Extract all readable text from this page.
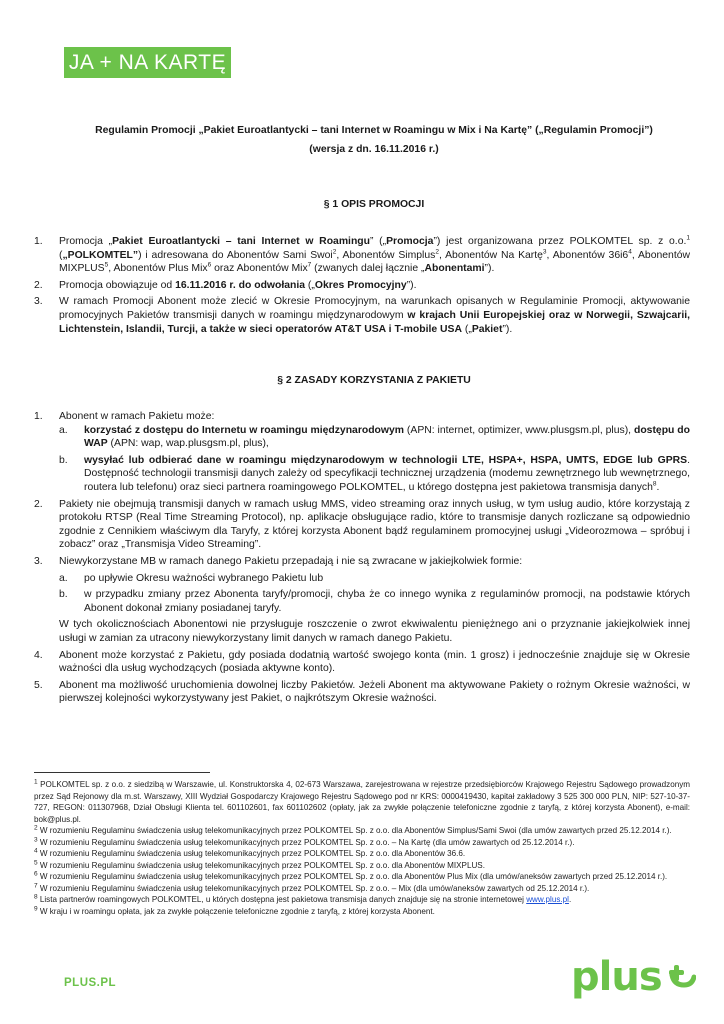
JA + NA KARTĘ
Regulamin Promocji „Pakiet Euroatlantycki – tani Internet w Roamingu w Mix i Na Kartę” („Regulamin Promocji”)
(wersja z dn. 16.11.2016 r.)
§ 1 OPIS PROMOCJI
1. Promocja „Pakiet Euroatlantycki – tani Internet w Roamingu” („Promocja”) jest organizowana przez POLKOMTEL sp. z o.o.$^1$ („POLKOMTEL”) i adresowana do Abonentów Sami Swoi$^2$, Abonentów Simplus$^2$, Abonentów Na Kartę$^3$, Abonentów $36i6^4$, Abonentów MIXPLUS$^5$, Abonentów Plus Mix$^6$ oraz Abonentów Mix$^7$ (zwanych dalej łącznie „Abonentami”).
2. Promocja obowiązuje od 16.11.2016 r. do odwołania („Okres Promocyjny”).
3. W ramach Promocji Abonent może zlecić w Okresie Promocyjnym, na warunkach opisanych w Regulaminie Promocji, aktywowanie promocyjnych Pakietów transmisji danych w roamingu międzynarodowym w krajach Unii Europejskiej oraz w Norwegii, Szwajcarii, Lichtenstein, Islandii, Turcji, a także w sieci operatorów AT&T USA i T-mobile USA („Pakiet”).
§ 2 ZASADY KORZYSTANIA Z PAKIETU
1. Abonent w ramach Pakietu może:
a. korzystać z dostępu do Internetu w roamingu międzynarodowym (APN: internet, optimizer, www.plusgsm.pl, plus), dostępu do WAP (APN: wap, wap.plusgsm.pl, plus),
b. wysyłać lub odbierać dane w roamingu międzynarodowym w technologii LTE, HSPA+, HSPA, UMTS, EDGE lub GPRS. Dostępność technologii transmisji danych zależy od specyfikacji technicznej urządzenia (modemu zewnętrznego lub wewnętrznego, routera lub telefonu) oraz sieci partnera roamingowego POLKOMTEL, u którego dostępna jest pakietowa transmisja danych$^8$.
2. Pakiety nie obejmują transmisji danych w ramach usług MMS, video streaming oraz innych usług, w tym usług audio, które korzystają z protokołu RTSP (Real Time Streaming Protocol), np. aplikacje obsługujące radio, które to transmisje danych rozliczane są odpowiednio zgodnie z Cennikiem właściwym dla Taryfy, z której korzysta Abonent bądź regulaminem promocyjnej usługi „Videorozmowa – spróbuj i zobacz” oraz „Transmisja Video Streaming”.
3. Niewykorzystane MB w ramach danego Pakietu przepadają i nie są zwracane w jakiejkolwiek formie:
a. po upływie Okresu ważności wybranego Pakietu lub
b. w przypadku zmiany przez Abonenta taryfy/promocji, chyba że co innego wynika z regulaminów promocji, na podstawie których Abonent dokonał zmiany posiadanej taryfy.
W tych okolicznościach Abonentowi nie przysługuje roszczenie o zwrot ekwiwalentu pieniężnego ani o przyznanie jakiejkolwiek innej usługi w zamian za utracony niewykorzystany limit danych w ramach danego Pakietu.
4. Abonent może korzystać z Pakietu, gdy posiada dodatnią wartość swojego konta (min. 1 grosz) i jednocześnie znajduje się w Okresie ważności dla usług wychodzących (posiada aktywne konto).
5. Abonent ma możliwość uruchomienia dowolnej liczby Pakietów. Jeżeli Abonent ma aktywowane Pakiety o rożnym Okresie ważności, w pierwszej kolejności wykorzystywany jest Pakiet, o najkrótszym Okresie ważności.
$^1$ POLKOMTEL sp. z o.o. z siedzibą w Warszawie, ul. Konstruktorska 4, 02-673 Warszawa, zarejestrowana w rejestrze przedsiębiorców Krajowego Rejestru Sądowego prowadzonym przez Sąd Rejonowy dla m.st. Warszawy, XIII Wydział Gospodarczy Krajowego Rejestru Sądowego pod nr KRS: 0000419430, kapitał zakładowy 3 525 300 000 PLN, NIP: 527-10-37-727, REGON: 011307968, Dział Obsługi Klienta tel. 601102601, fax 601102602 (opłaty, jak za zwykłe połączenie telefoniczne zgodnie z taryfą, z której korzysta Abonent), e-mail: bok@plus.pl.
$^2$ W rozumieniu Regulaminu świadczenia usług telekomunikacyjnych przez POLKOMTEL Sp. z o.o. dla Abonentów Simplus/Sami Swoi (dla umów zawartych przed 25.12.2014 r.).
$^3$ W rozumieniu Regulaminu świadczenia usług telekomunikacyjnych przez POLKOMTEL Sp. z o.o. – Na Kartę (dla umów zawartych od 25.12.2014 r.).
$^4$ W rozumieniu Regulaminu świadczenia usług telekomunikacyjnych przez POLKOMTEL Sp. z o.o. dla Abonentów 36.6.
$^5$ W rozumieniu Regulaminu świadczenia usług telekomunikacyjnych przez POLKOMTEL Sp. z o.o. dla Abonentów MIXPLUS.
$^6$ W rozumieniu Regulaminu świadczenia usług telekomunikacyjnych przez POLKOMTEL Sp. z o.o. dla Abonentów Plus Mix (dla umów/aneksów zawartych przed 25.12.2014 r.).
$^7$ W rozumieniu Regulaminu świadczenia usług telekomunikacyjnych przez POLKOMTEL Sp. z o.o. – Mix (dla umów/aneksów zawartych od 25.12.2014 r.).
$^8$ Lista partnerów roamingowych POLKOMTEL, u których dostępna jest pakietowa transmisja danych znajduje się na stronie internetowej www.plus.pl.
$^9$ W kraju i w roamingu opłata, jak za zwykłe połączenie telefoniczne zgodnie z taryfą, z której korzysta Abonent.
PLUS.PL	plus
